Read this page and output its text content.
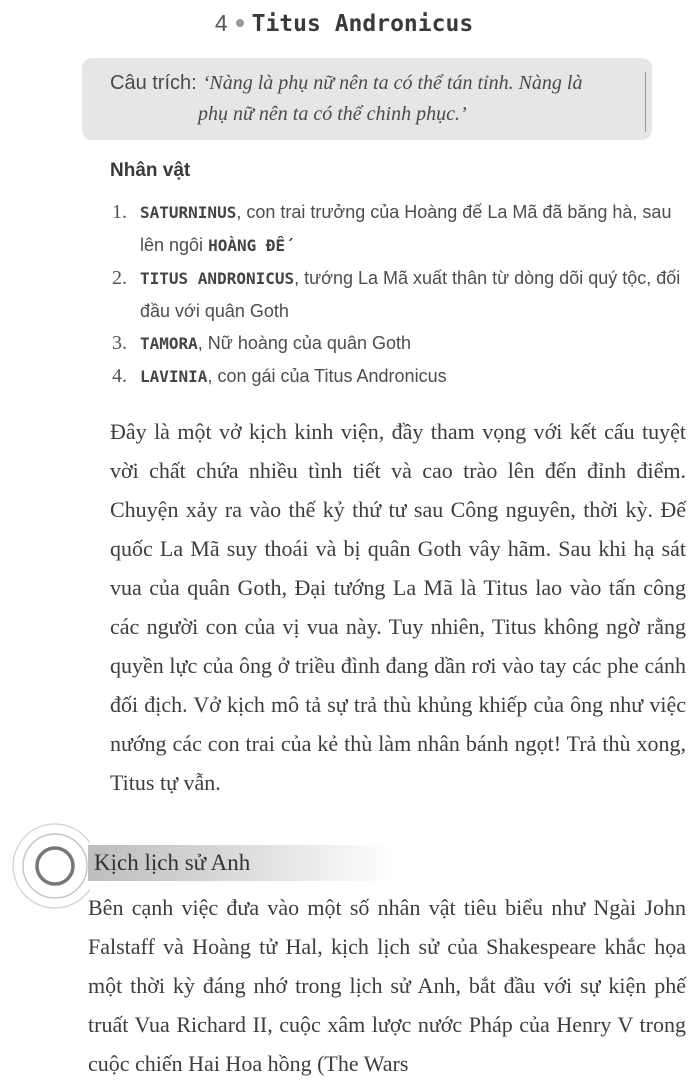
4 Titus Andronicus
Câu trích: ‘Nàng là phụ nữ nên ta có thể tán tỉnh. Nàng là
phụ nữ nên ta có thể chinh phục.’
Nhân vật
1. SATURNINUS, con trai trưởng của Hoàng đế La Mã đã băng hà, sau lên ngôi HOÀNG ĐẾ
2. TITUS ANDRONICUS, tướng La Mã xuất thân từ dòng dõi quý tộc, đối đầu với quân Goth
3. TAMORA, Nữ hoàng của quân Goth
4. LAVINIA, con gái của Titus Andronicus

Đây là một vở kịch kinh viện, đầy tham vọng với kết cấu tuyệt vời chất chứa nhiều tình tiết và cao trào lên đến đỉnh điểm. Chuyện xảy ra vào thế kỷ thứ tư sau Công nguyên, thời kỳ. Đế quốc La Mã suy thoái và bị quân Goth vây hãm. Sau khi hạ sát vua của quân Goth, Đại tướng La Mã là Titus lao vào tấn công các người con của vị vua này. Tuy nhiên, Titus không ngờ rằng quyền lực của ông ở triều đình đang dần rơi vào tay các phe cánh đối địch. Vở kịch mô tả sự trả thù khủng khiếp của ông như việc nướng các con trai của kẻ thù làm nhân bánh ngọt! Trả thù xong, Titus tự vẫn.

Kịch lịch sử Anh

Bên cạnh việc đưa vào một số nhân vật tiêu biểu như Ngài John Falstaff và Hoàng tử Hal, kịch lịch sử của Shakespeare khắc họa một thời kỳ đáng nhớ trong lịch sử Anh, bắt đầu với sự kiện phế truất Vua Richard II, cuộc xâm lược nước Pháp của Henry V trong cuộc chiến Hai Hoa hồng (The Wars
